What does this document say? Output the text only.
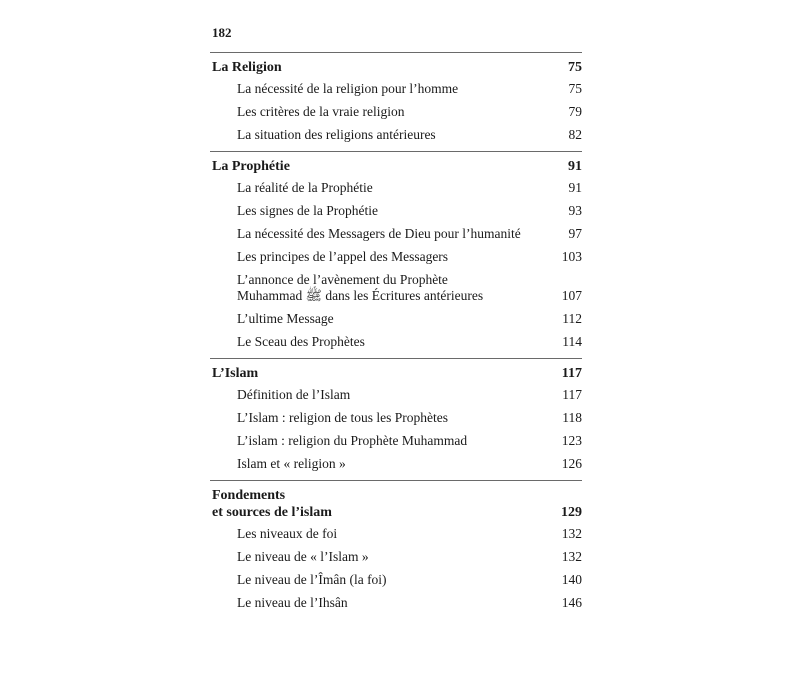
182
La Religion	75
La nécessité de la religion pour l’homme	75
Les critères de la vraie religion	79
La situation des religions antérieures	82
La Prophétie	91
La réalité de la Prophétie	91
Les signes de la Prophétie	93
La nécessité des Messagers de Dieu pour l’humanité	97
Les principes de l’appel des Messagers	103
L’annonce de l’avènement du Prophète
Muhammad ﷺ dans les Écritures antérieures	107
L’ultime Message	112
Le Sceau des Prophètes	114
L’Islam	117
Définition de l’Islam	117
L’Islam : religion de tous les Prophètes	118
L’islam : religion du Prophète Muhammad	123
Islam et « religion »	126
Fondements
et sources de l’islam	129
Les niveaux de foi	132
Le niveau de « l’Islam »	132
Le niveau de l’Îmân (la foi)	140
Le niveau de l’Ihsân	146
